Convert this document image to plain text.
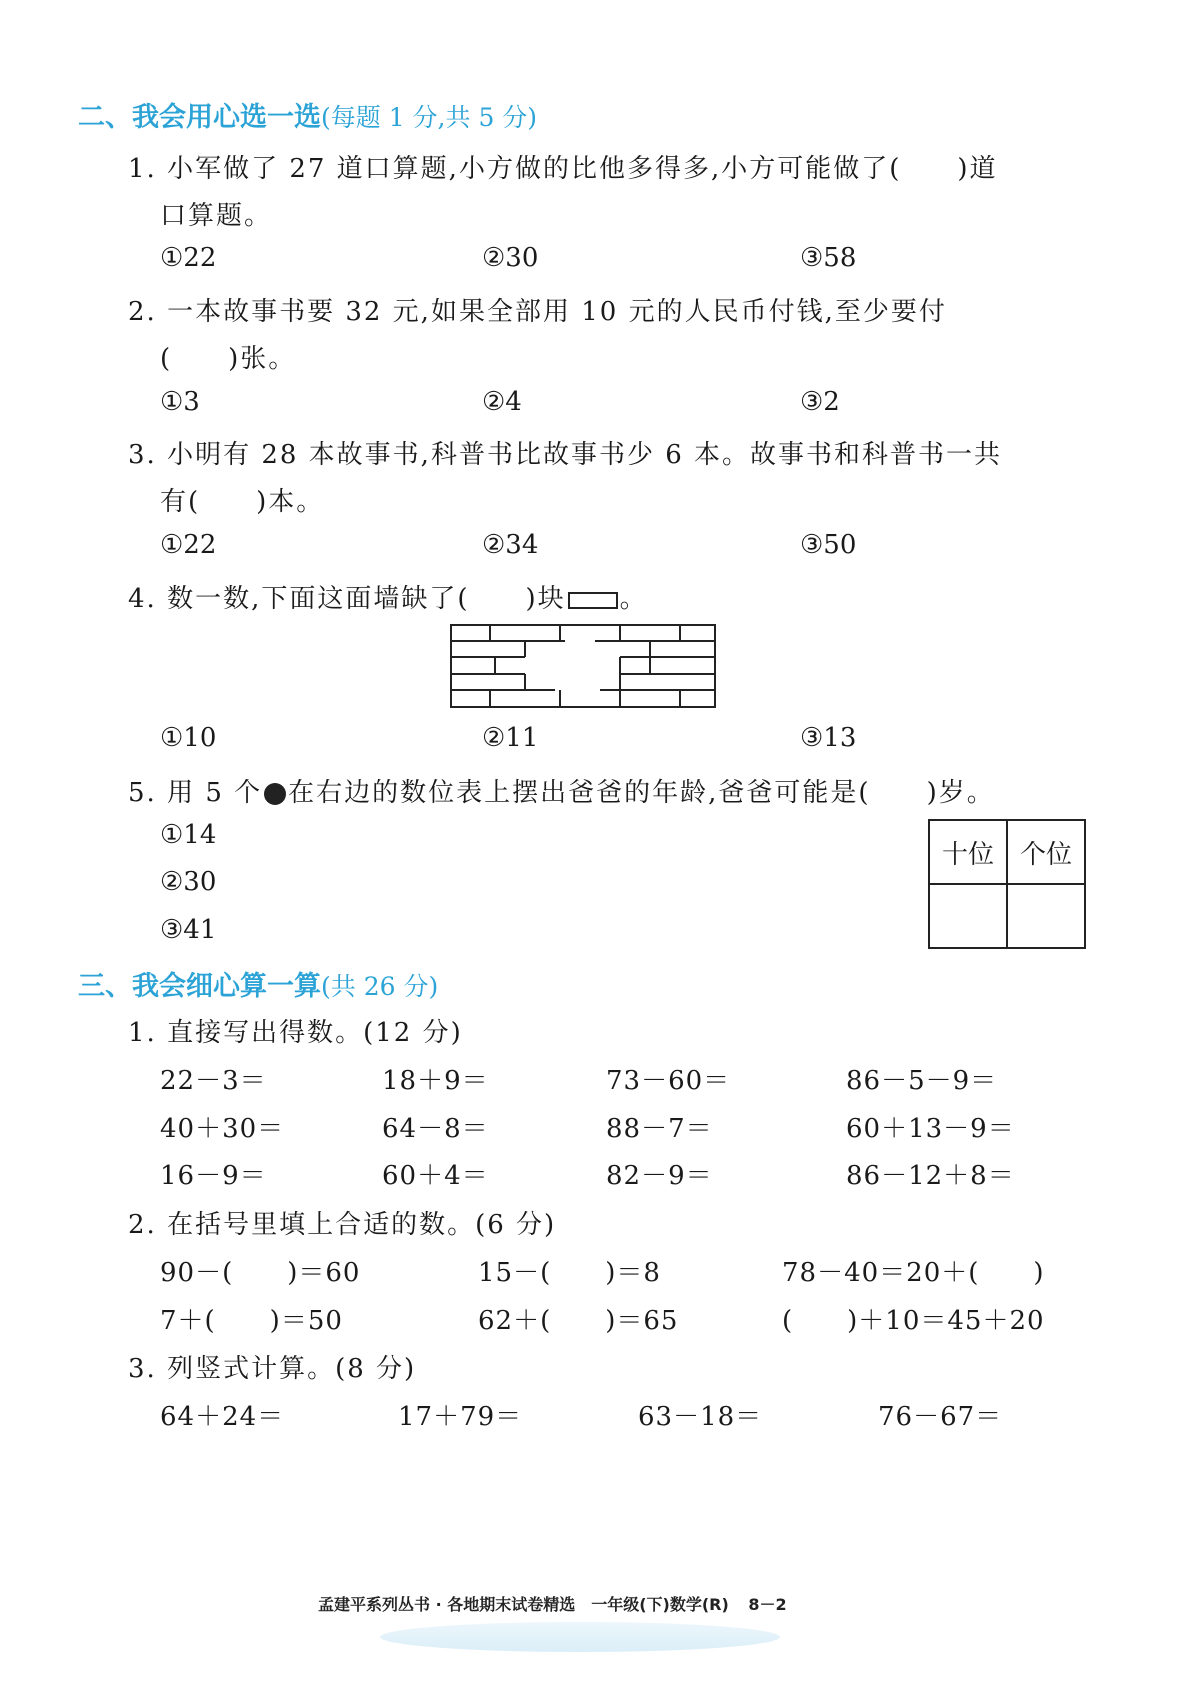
二、我会用心选一选(每题 1 分,共 5 分)
1. 小军做了 27 道口算题,小方做的比他多得多,小方可能做了(　　)道
口算题。
①22	②30	③58
2. 一本故事书要 32 元,如果全部用 10 元的人民币付钱,至少要付
(　　)张。
①3	②4	③2
3. 小明有 28 本故事书,科普书比故事书少 6 本。故事书和科普书一共
有(　　)本。
①22	②34	③50
4. 数一数,下面这面墙缺了(　　)块 。
①10	②11	③13
5. 用 5 个 在右边的数位表上摆出爸爸的年龄,爸爸可能是(　　)岁。
①14
②30
③41
十位	个位

三、我会细心算一算(共 26 分)
1. 直接写出得数。(12 分)
22－3＝	18＋9＝	73－60＝	86－5－9＝
40＋30＝	64－8＝	88－7＝	60＋13－9＝
16－9＝	60＋4＝	82－9＝	86－12＋8＝
2. 在括号里填上合适的数。(6 分)
90－(　　)＝60	15－(　　)＝8	78－40＝20＋(　　)
7＋(　　)＝50	62＋(　　)＝65	(　　)＋10＝45＋20
3. 列竖式计算。(8 分)
64＋24＝	17＋79＝	63－18＝	76－67＝
孟建平系列丛书 · 各地期末试卷精选　一年级(下)数学(R) 8－2
